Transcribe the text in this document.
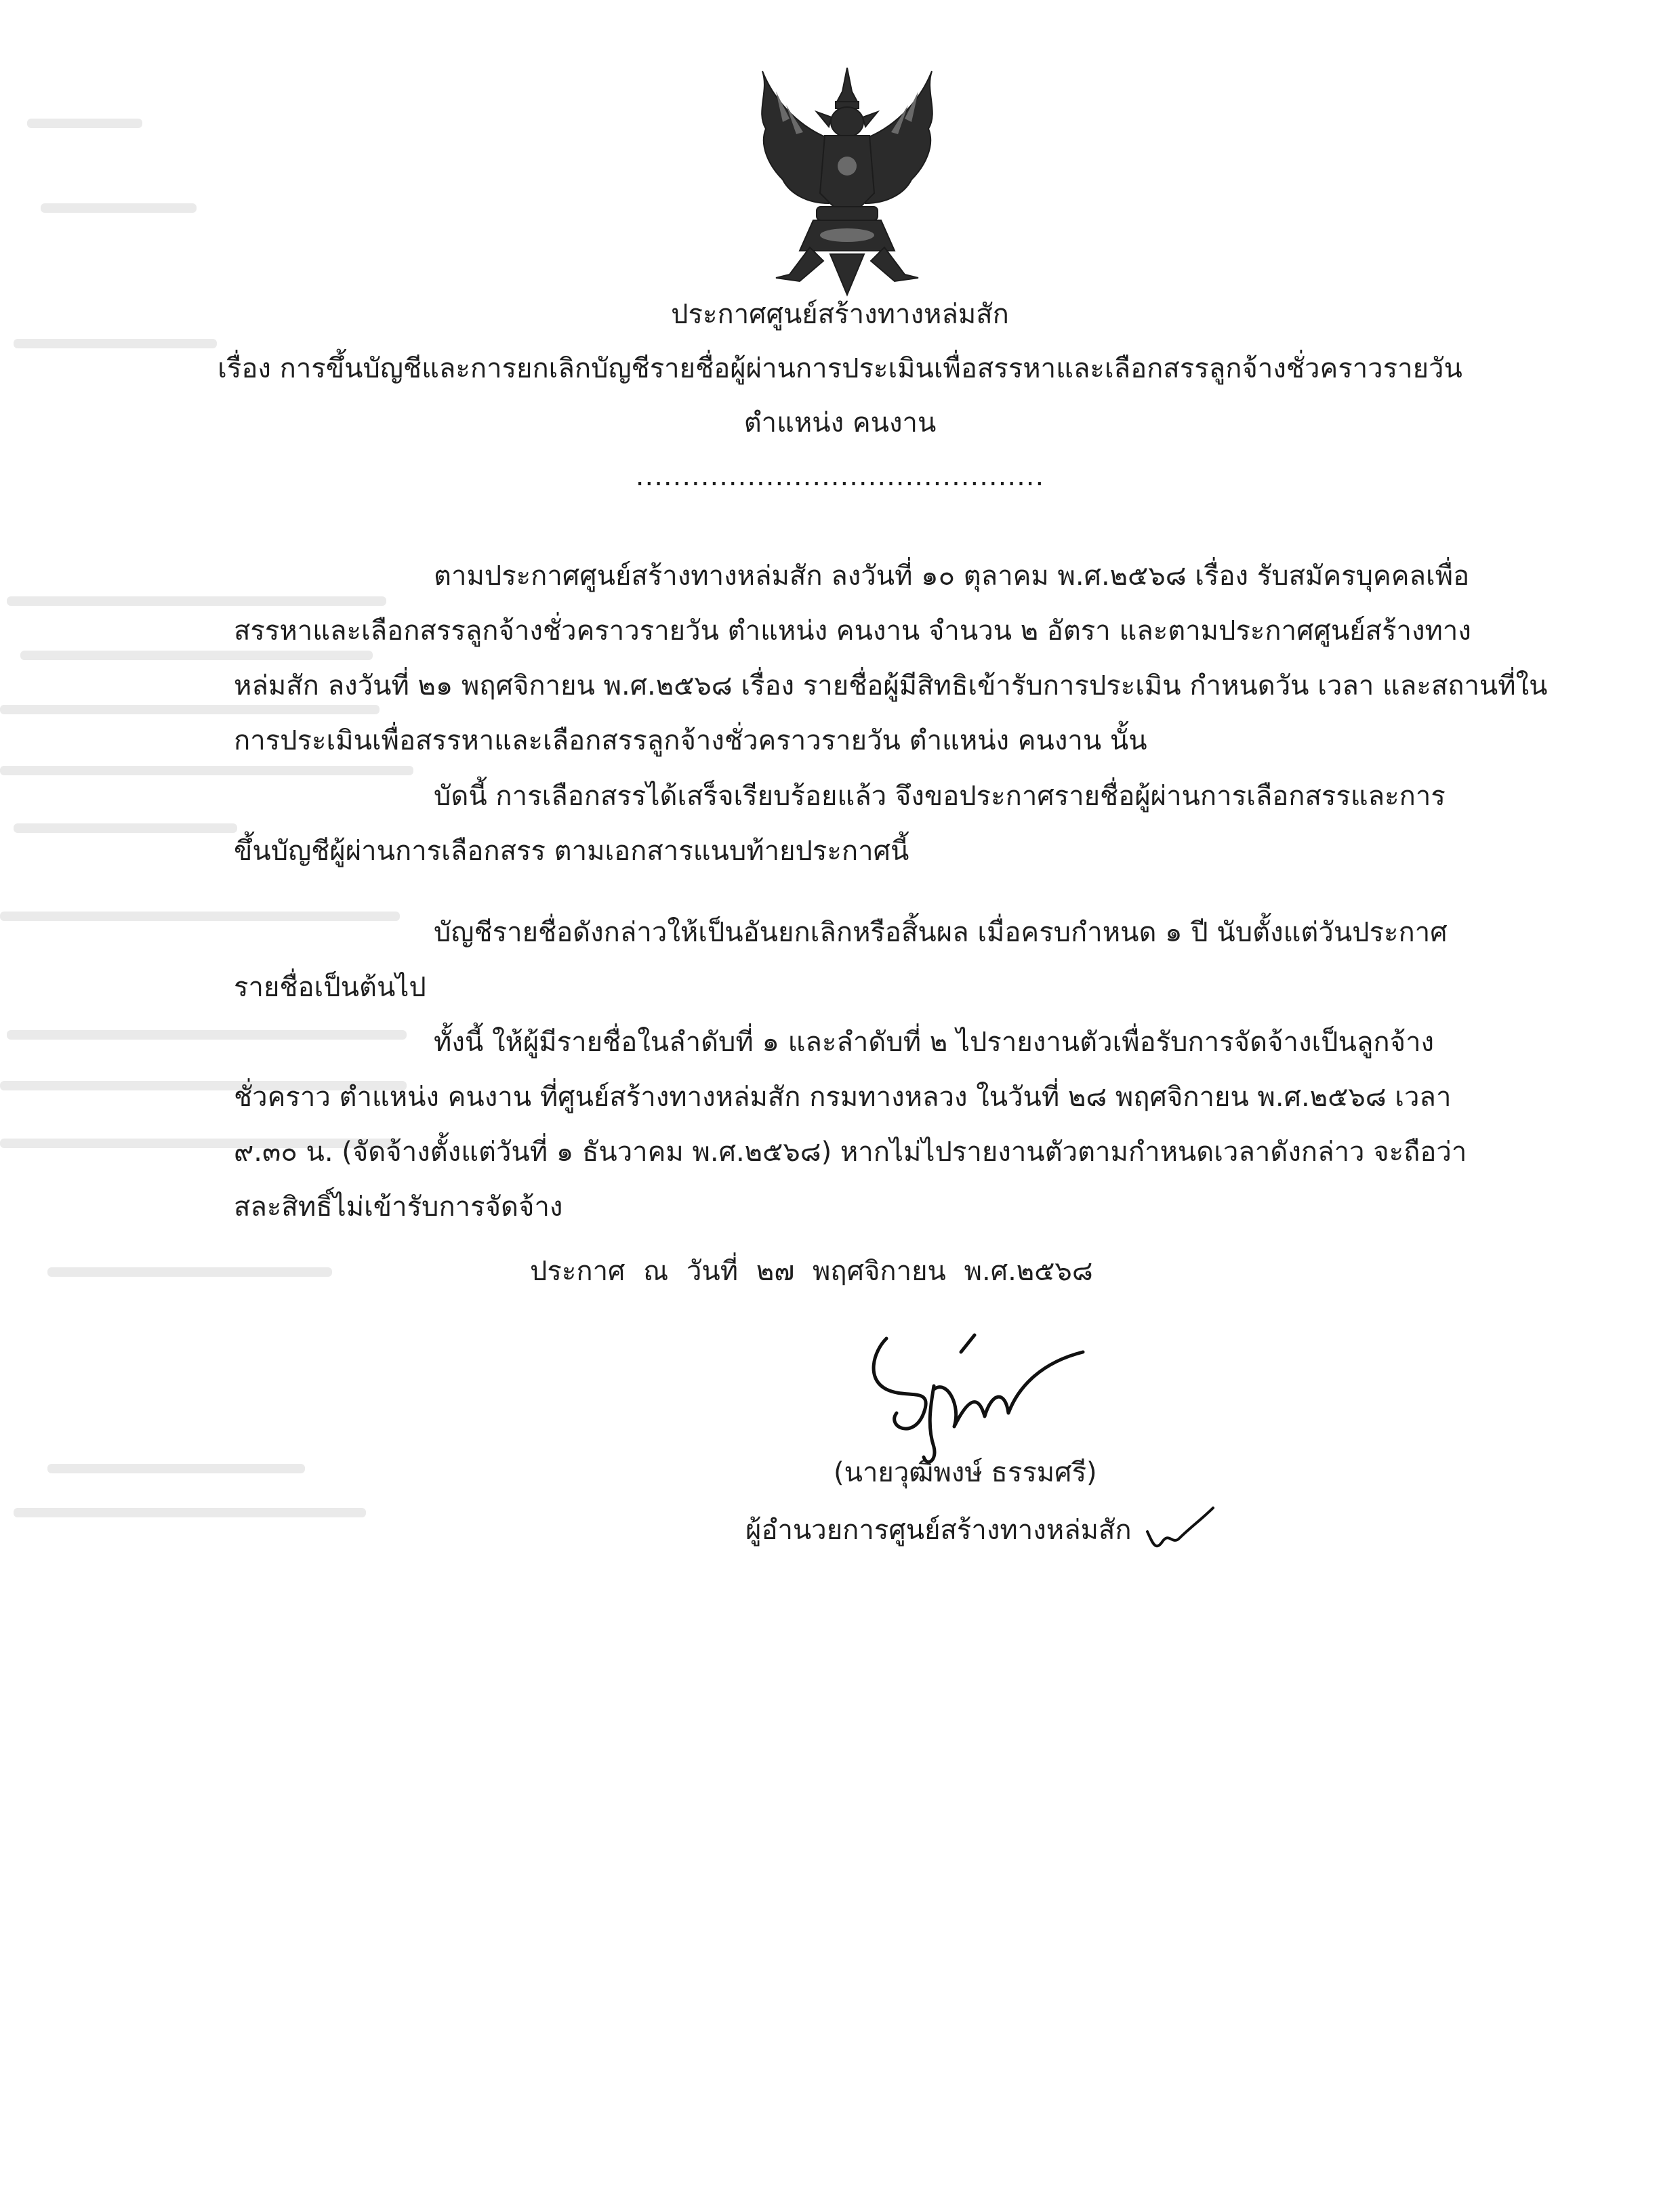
ประกาศศูนย์สร้างทางหล่มสัก
เรื่อง การขึ้นบัญชีและการยกเลิกบัญชีรายชื่อผู้ผ่านการประเมินเพื่อสรรหาและเลือกสรรลูกจ้างชั่วคราวรายวัน
ตำแหน่ง คนงาน
............................................
ตามประกาศศูนย์สร้างทางหล่มสัก ลงวันที่ ๑๐ ตุลาคม พ.ศ.๒๕๖๘ เรื่อง รับสมัครบุคคลเพื่อ
สรรหาและเลือกสรรลูกจ้างชั่วคราวรายวัน ตำแหน่ง คนงาน จำนวน ๒ อัตรา และตามประกาศศูนย์สร้างทาง
หล่มสัก ลงวันที่ ๒๑ พฤศจิกายน พ.ศ.๒๕๖๘ เรื่อง รายชื่อผู้มีสิทธิเข้ารับการประเมิน กำหนดวัน เวลา และสถานที่ใน
การประเมินเพื่อสรรหาและเลือกสรรลูกจ้างชั่วคราวรายวัน ตำแหน่ง คนงาน นั้น
บัดนี้ การเลือกสรรได้เสร็จเรียบร้อยแล้ว จึงขอประกาศรายชื่อผู้ผ่านการเลือกสรรและการ
ขึ้นบัญชีผู้ผ่านการเลือกสรร ตามเอกสารแนบท้ายประกาศนี้
บัญชีรายชื่อดังกล่าวให้เป็นอันยกเลิกหรือสิ้นผล เมื่อครบกำหนด ๑ ปี นับตั้งแต่วันประกาศ
รายชื่อเป็นต้นไป
ทั้งนี้ ให้ผู้มีรายชื่อในลำดับที่ ๑ และลำดับที่ ๒ ไปรายงานตัวเพื่อรับการจัดจ้างเป็นลูกจ้าง
ชั่วคราว ตำแหน่ง คนงาน ที่ศูนย์สร้างทางหล่มสัก กรมทางหลวง ในวันที่ ๒๘ พฤศจิกายน พ.ศ.๒๕๖๘ เวลา
๙.๓๐ น. (จัดจ้างตั้งแต่วันที่ ๑ ธันวาคม พ.ศ.๒๕๖๘) หากไม่ไปรายงานตัวตามกำหนดเวลาดังกล่าว จะถือว่า
สละสิทธิ์ไม่เข้ารับการจัดจ้าง
ประกาศ ณ วันที่ ๒๗ พฤศจิกายน พ.ศ.๒๕๖๘
(นายวุฒิพงษ์ ธรรมศรี)
ผู้อำนวยการศูนย์สร้างทางหล่มสัก
